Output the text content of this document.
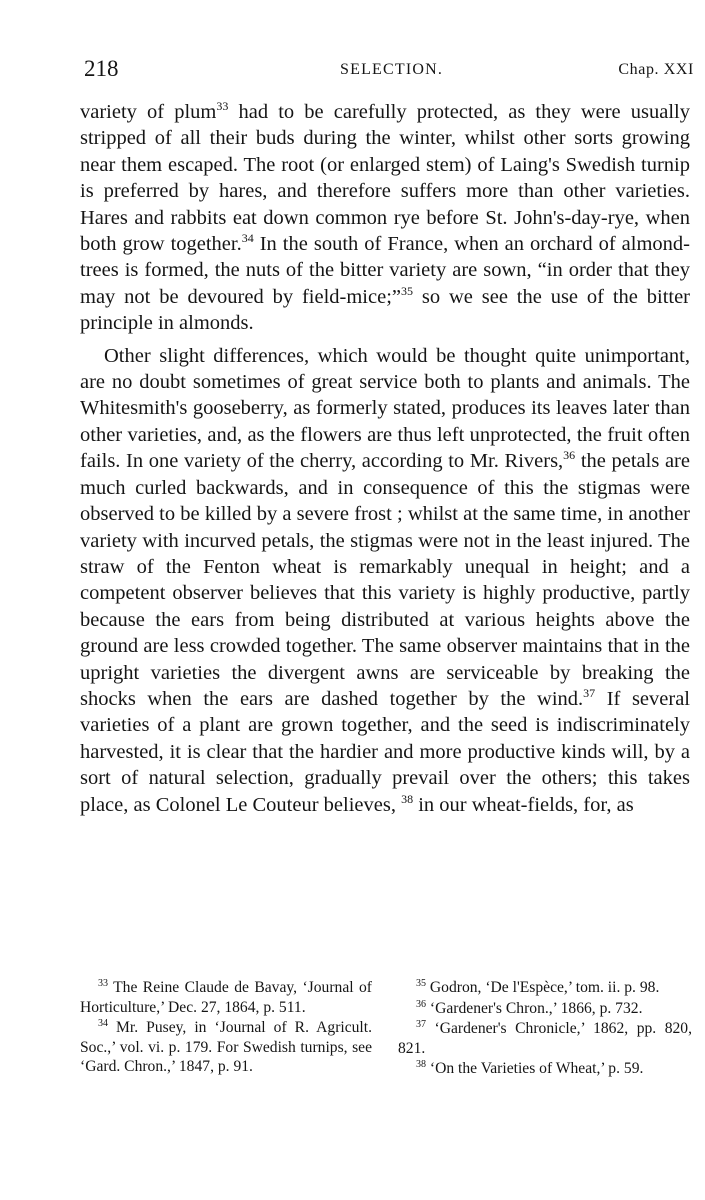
218	SELECTION.	Chap. XXI

variety of plum$^{33}$ had to be carefully protected, as they were usually stripped of all their buds during the winter, whilst other sorts growing near them escaped. The root (or enlarged stem) of Laing's Swedish turnip is preferred by hares, and therefore suffers more than other varieties. Hares and rabbits eat down common rye before St. John's-day-rye, when both grow together.$^{34}$ In the south of France, when an orchard of almond-trees is formed, the nuts of the bitter variety are sown, “in order that they may not be devoured by field-mice;”$^{35}$ so we see the use of the bitter principle in almonds.

Other slight differences, which would be thought quite unimportant, are no doubt sometimes of great service both to plants and animals. The Whitesmith's gooseberry, as formerly stated, produces its leaves later than other varieties, and, as the flowers are thus left unprotected, the fruit often fails. In one variety of the cherry, according to Mr. Rivers,$^{36}$ the petals are much curled backwards, and in consequence of this the stigmas were observed to be killed by a severe frost ; whilst at the same time, in another variety with incurved petals, the stigmas were not in the least injured. The straw of the Fenton wheat is remarkably unequal in height; and a competent observer believes that this variety is highly productive, partly because the ears from being distributed at various heights above the ground are less crowded together. The same observer maintains that in the upright varieties the divergent awns are serviceable by breaking the shocks when the ears are dashed together by the wind.$^{37}$ If several varieties of a plant are grown together, and the seed is indiscriminately harvested, it is clear that the hardier and more productive kinds will, by a sort of natural selection, gradually prevail over the others; this takes place, as Colonel Le Couteur believes, $^{38}$ in our wheat-fields, for, as

$^{33}$ The Reine Claude de Bavay, ‘Journal of Horticulture,’ Dec. 27, 1864, p. 511.

$^{34}$ Mr. Pusey, in ‘Journal of R. Agricult. Soc.,’ vol. vi. p. 179. For Swedish turnips, see ‘Gard. Chron.,’ 1847, p. 91.

$^{35}$ Godron, ‘De l'Espèce,’ tom. ii. p. 98.

$^{36}$ ‘Gardener's Chron.,’ 1866, p. 732.

$^{37}$ ‘Gardener's Chronicle,’ 1862, pp. 820, 821.

$^{38}$ ‘On the Varieties of Wheat,’ p. 59.
